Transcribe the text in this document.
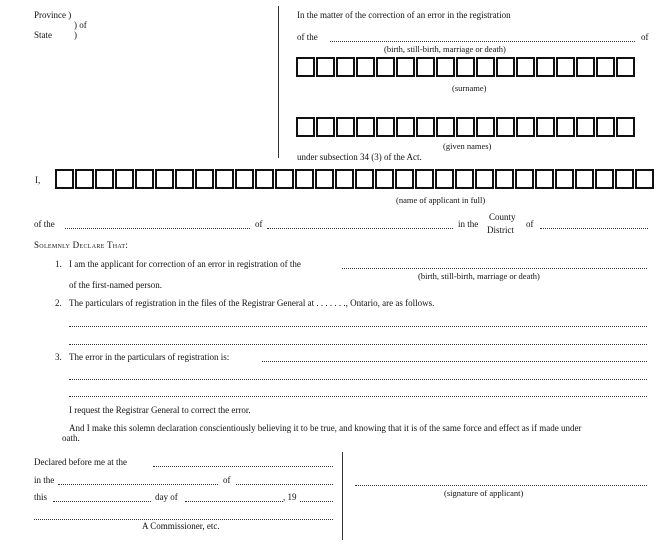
Province )
) of
State )
In the matter of the correction of an error in the registration
of the	of
(birth, still-birth, marriage or death)
(surname)
(given names)
under subsection 34 (3) of the Act.
I,
(name of applicant in full)
of the	of	in the
County
District
of
Solemnly Declare That:
1. I am the applicant for correction of an error in registration of the
(birth, still-birth, marriage or death)
of the first-named person.
2. The particulars of registration in the files of the Registrar General at . . . . . . ., Ontario, are as follows.
3. The error in the particulars of registration is:
I request the Registrar General to correct the error.
And I make this solemn declaration conscientiously believing it to be true, and knowing that it is of the same force and effect as if made under
oath.
Declared before me at the
in the	of
this	day of	, 19
A Commissioner, etc.
(signature of applicant)
